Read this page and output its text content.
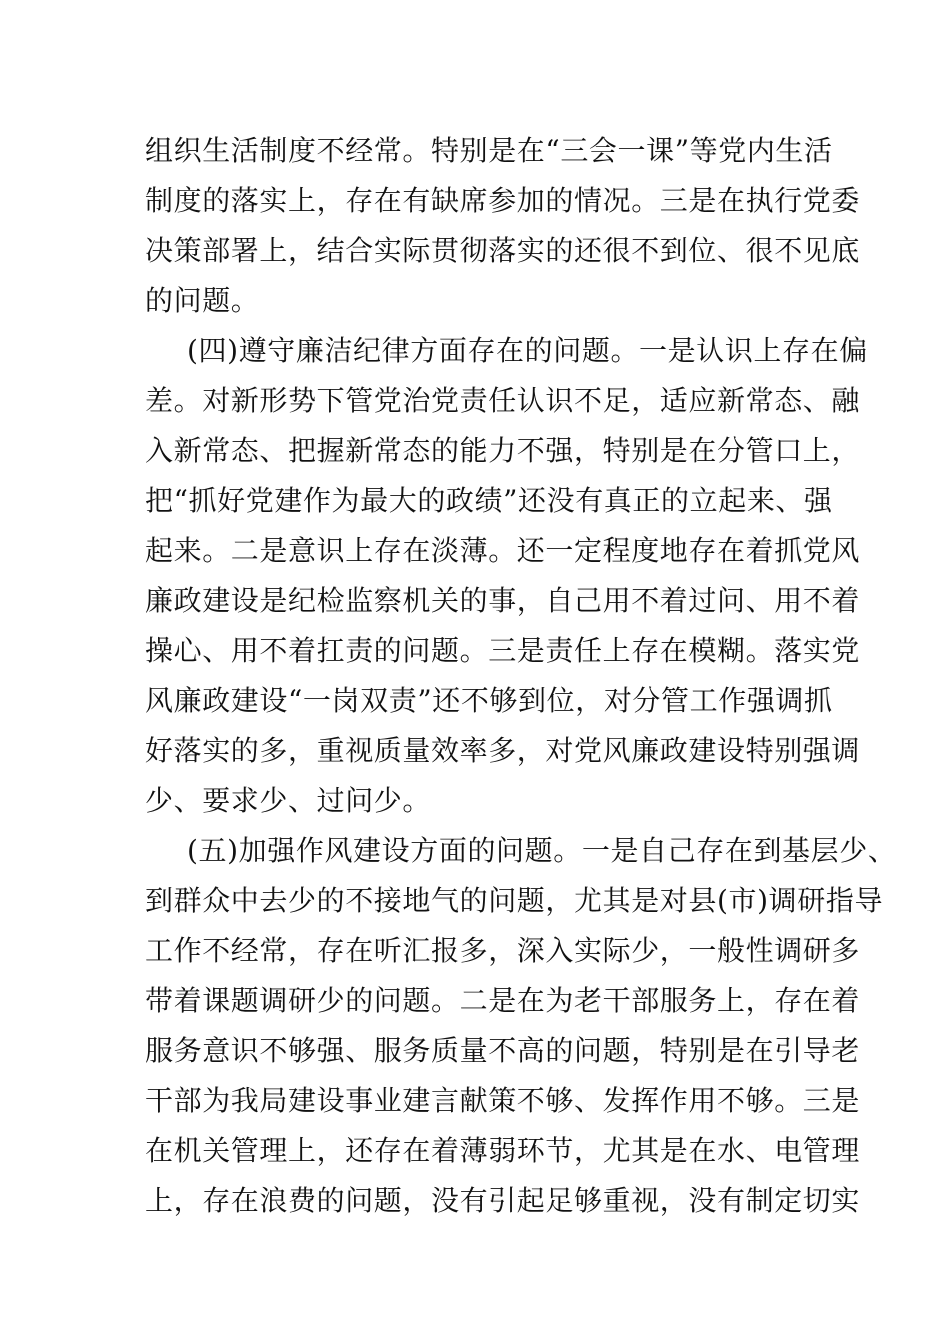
组织生活制度不经常。特别是在“三会一课”等党内生活
制度的落实上，存在有缺席参加的情况。三是在执行党委
决策部署上，结合实际贯彻落实的还很不到位、很不见底
的问题。
(四)遵守廉洁纪律方面存在的问题。一是认识上存在偏
差。对新形势下管党治党责任认识不足，适应新常态、融
入新常态、把握新常态的能力不强，特别是在分管口上，
把“抓好党建作为最大的政绩”还没有真正的立起来、强
起来。二是意识上存在淡薄。还一定程度地存在着抓党风
廉政建设是纪检监察机关的事，自己用不着过问、用不着
操心、用不着扛责的问题。三是责任上存在模糊。落实党
风廉政建设“一岗双责”还不够到位，对分管工作强调抓
好落实的多，重视质量效率多，对党风廉政建设特别强调
少、要求少、过问少。
(五)加强作风建设方面的问题。一是自己存在到基层少、
到群众中去少的不接地气的问题，尤其是对县(市)调研指导
工作不经常，存在听汇报多，深入实际少，一般性调研多
带着课题调研少的问题。二是在为老干部服务上，存在着
服务意识不够强、服务质量不高的问题，特别是在引导老
干部为我局建设事业建言献策不够、发挥作用不够。三是
在机关管理上，还存在着薄弱环节，尤其是在水、电管理
上，存在浪费的问题，没有引起足够重视，没有制定切实
